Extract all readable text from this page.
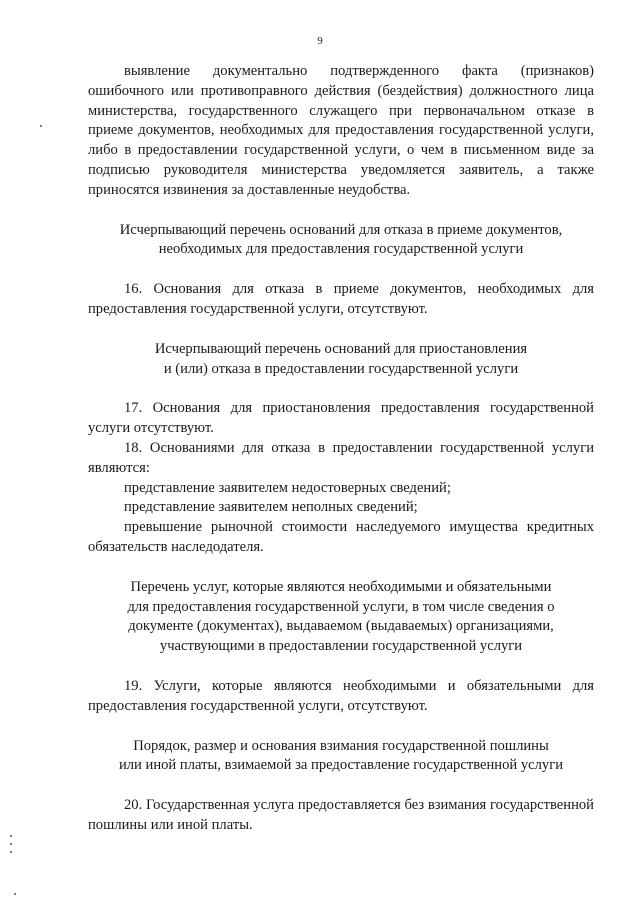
9

выявление документально подтвержденного факта (признаков) ошибочного или противоправного действия (бездействия) должностного лица министерства, государственного служащего при первоначальном отказе в приеме документов, необходимых для предоставления государственной услуги, либо в предоставлении государственной услуги, о чем в письменном виде за подписью руководителя министерства уведомляется заявитель, а также приносятся извинения за доставленные неудобства.

Исчерпывающий перечень оснований для отказа в приеме документов,

необходимых для предоставления государственной услуги

16. Основания для отказа в приеме документов, необходимых для предоставления государственной услуги, отсутствуют.

Исчерпывающий перечень оснований для приостановления

и (или) отказа в предоставлении государственной услуги

17. Основания для приостановления предоставления государственной услуги отсутствуют.

18. Основаниями для отказа в предоставлении государственной услуги являются:

представление заявителем недостоверных сведений;

представление заявителем неполных сведений;

превышение рыночной стоимости наследуемого имущества кредитных обязательств наследодателя.

Перечень услуг, которые являются необходимыми и обязательными

для предоставления государственной услуги, в том числе сведения о

документе (документах), выдаваемом (выдаваемых) организациями,

участвующими в предоставлении государственной услуги

19. Услуги, которые являются необходимыми и обязательными для предоставления государственной услуги, отсутствуют.

Порядок, размер и основания взимания государственной пошлины

или иной платы, взимаемой за предоставление государственной услуги

20. Государственная услуга предоставляется без взимания государственной пошлины или иной платы.
